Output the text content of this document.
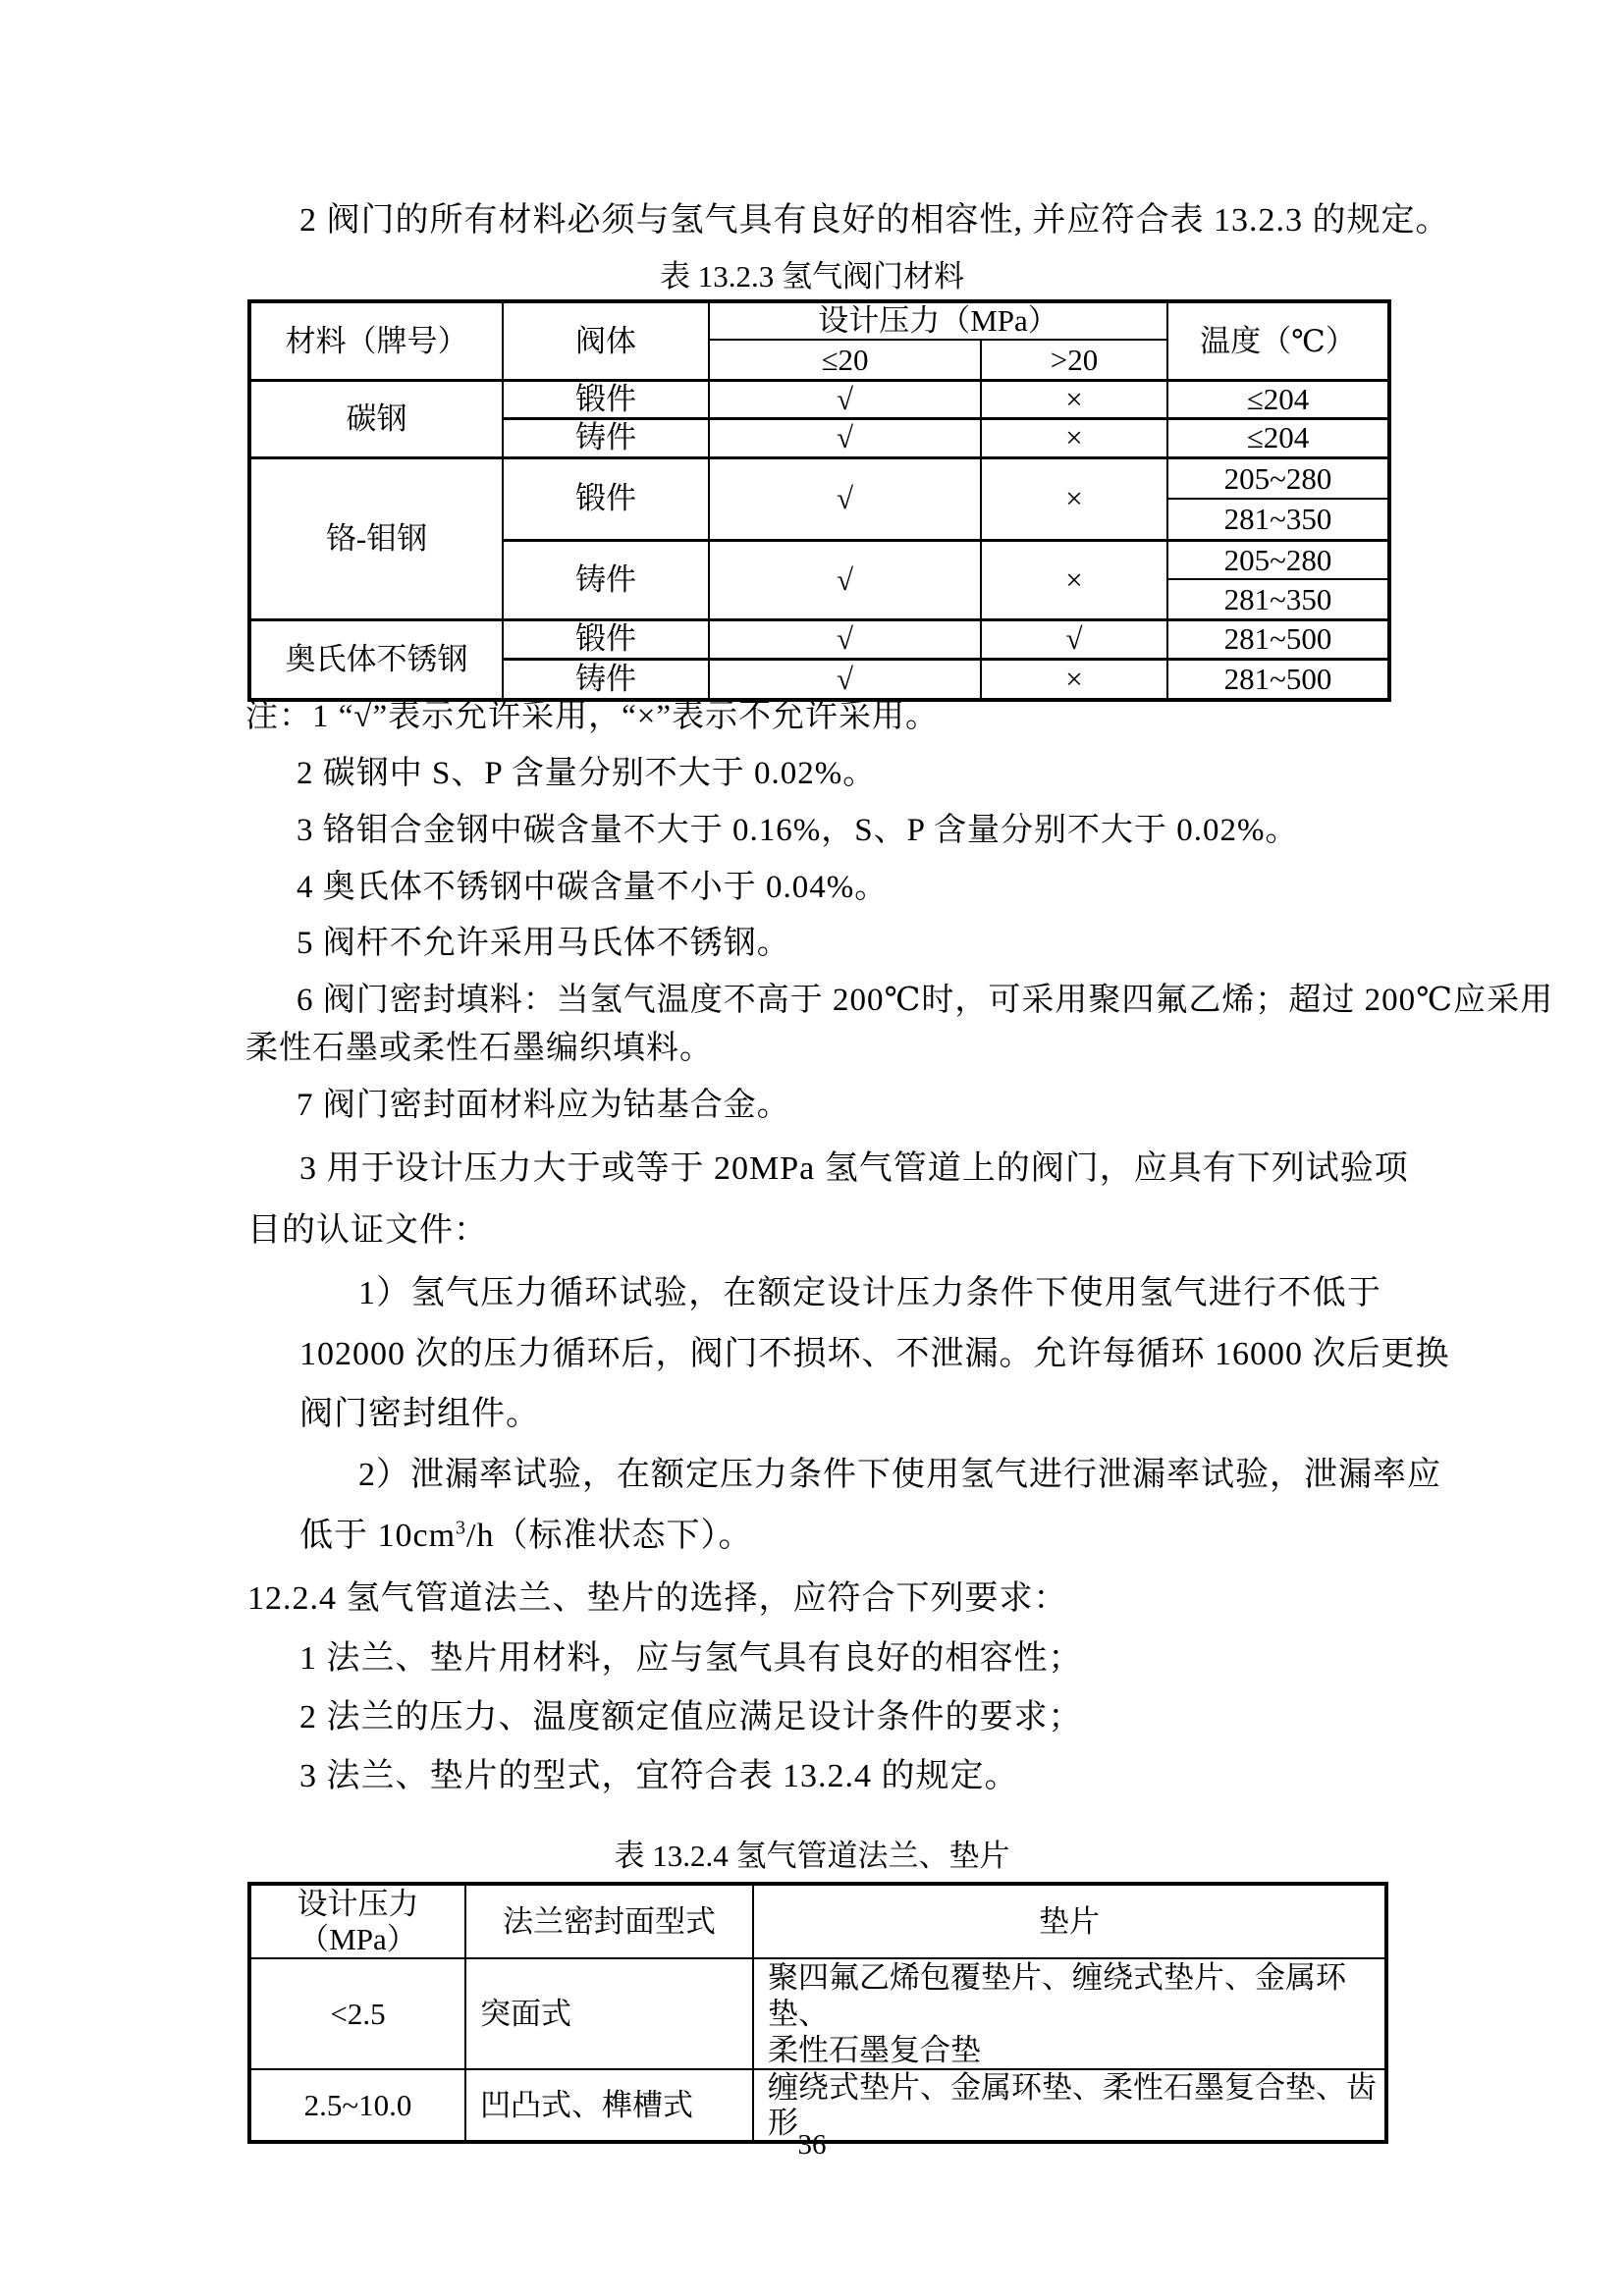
2 阀门的所有材料必须与氢气具有良好的相容性, 并应符合表 13.2.3 的规定。
表 13.2.3 氢气阀门材料
材料（牌号）	阀体	设计压力（MPa）		温度（℃）
		≤20	>20	
碳钢	锻件	√	×	≤204
	铸件	√	×	≤204
铬-钼钢	锻件	√	×	205~280
				281~350
	铸件	√	×	205~280
				281~350
奥氏体不锈钢	锻件	√	√	281~500
	铸件	√	×	281~500
注：1 “√”表示允许采用，“×”表示不允许采用。
2 碳钢中 S、P 含量分别不大于 0.02%。
3 铬钼合金钢中碳含量不大于 0.16%，S、P 含量分别不大于 0.02%。
4 奥氏体不锈钢中碳含量不小于 0.04%。
5 阀杆不允许采用马氏体不锈钢。
6 阀门密封填料：当氢气温度不高于 200℃时，可采用聚四氟乙烯；超过 200℃应采用
柔性石墨或柔性石墨编织填料。
7 阀门密封面材料应为钴基合金。
3 用于设计压力大于或等于 20MPa 氢气管道上的阀门，应具有下列试验项
目的认证文件：
1）氢气压力循环试验，在额定设计压力条件下使用氢气进行不低于
102000 次的压力循环后，阀门不损坏、不泄漏。允许每循环 16000 次后更换
阀门密封组件。
2）泄漏率试验，在额定压力条件下使用氢气进行泄漏率试验，泄漏率应
低于 $10cm^3/h$（标准状态下）。
12.2.4 氢气管道法兰、垫片的选择，应符合下列要求：
1 法兰、垫片用材料，应与氢气具有良好的相容性；
2 法兰的压力、温度额定值应满足设计条件的要求；
3 法兰、垫片的型式，宜符合表 13.2.4 的规定。
表 13.2.4 氢气管道法兰、垫片
设计压力
（MPa）	法兰密封面型式	垫片
<2.5	突面式	聚四氟乙烯包覆垫片、缠绕式垫片、金属环垫、
柔性石墨复合垫

2.5~10.0	凹凸式、榫槽式	缠绕式垫片、金属环垫、柔性石墨复合垫、齿形
36
